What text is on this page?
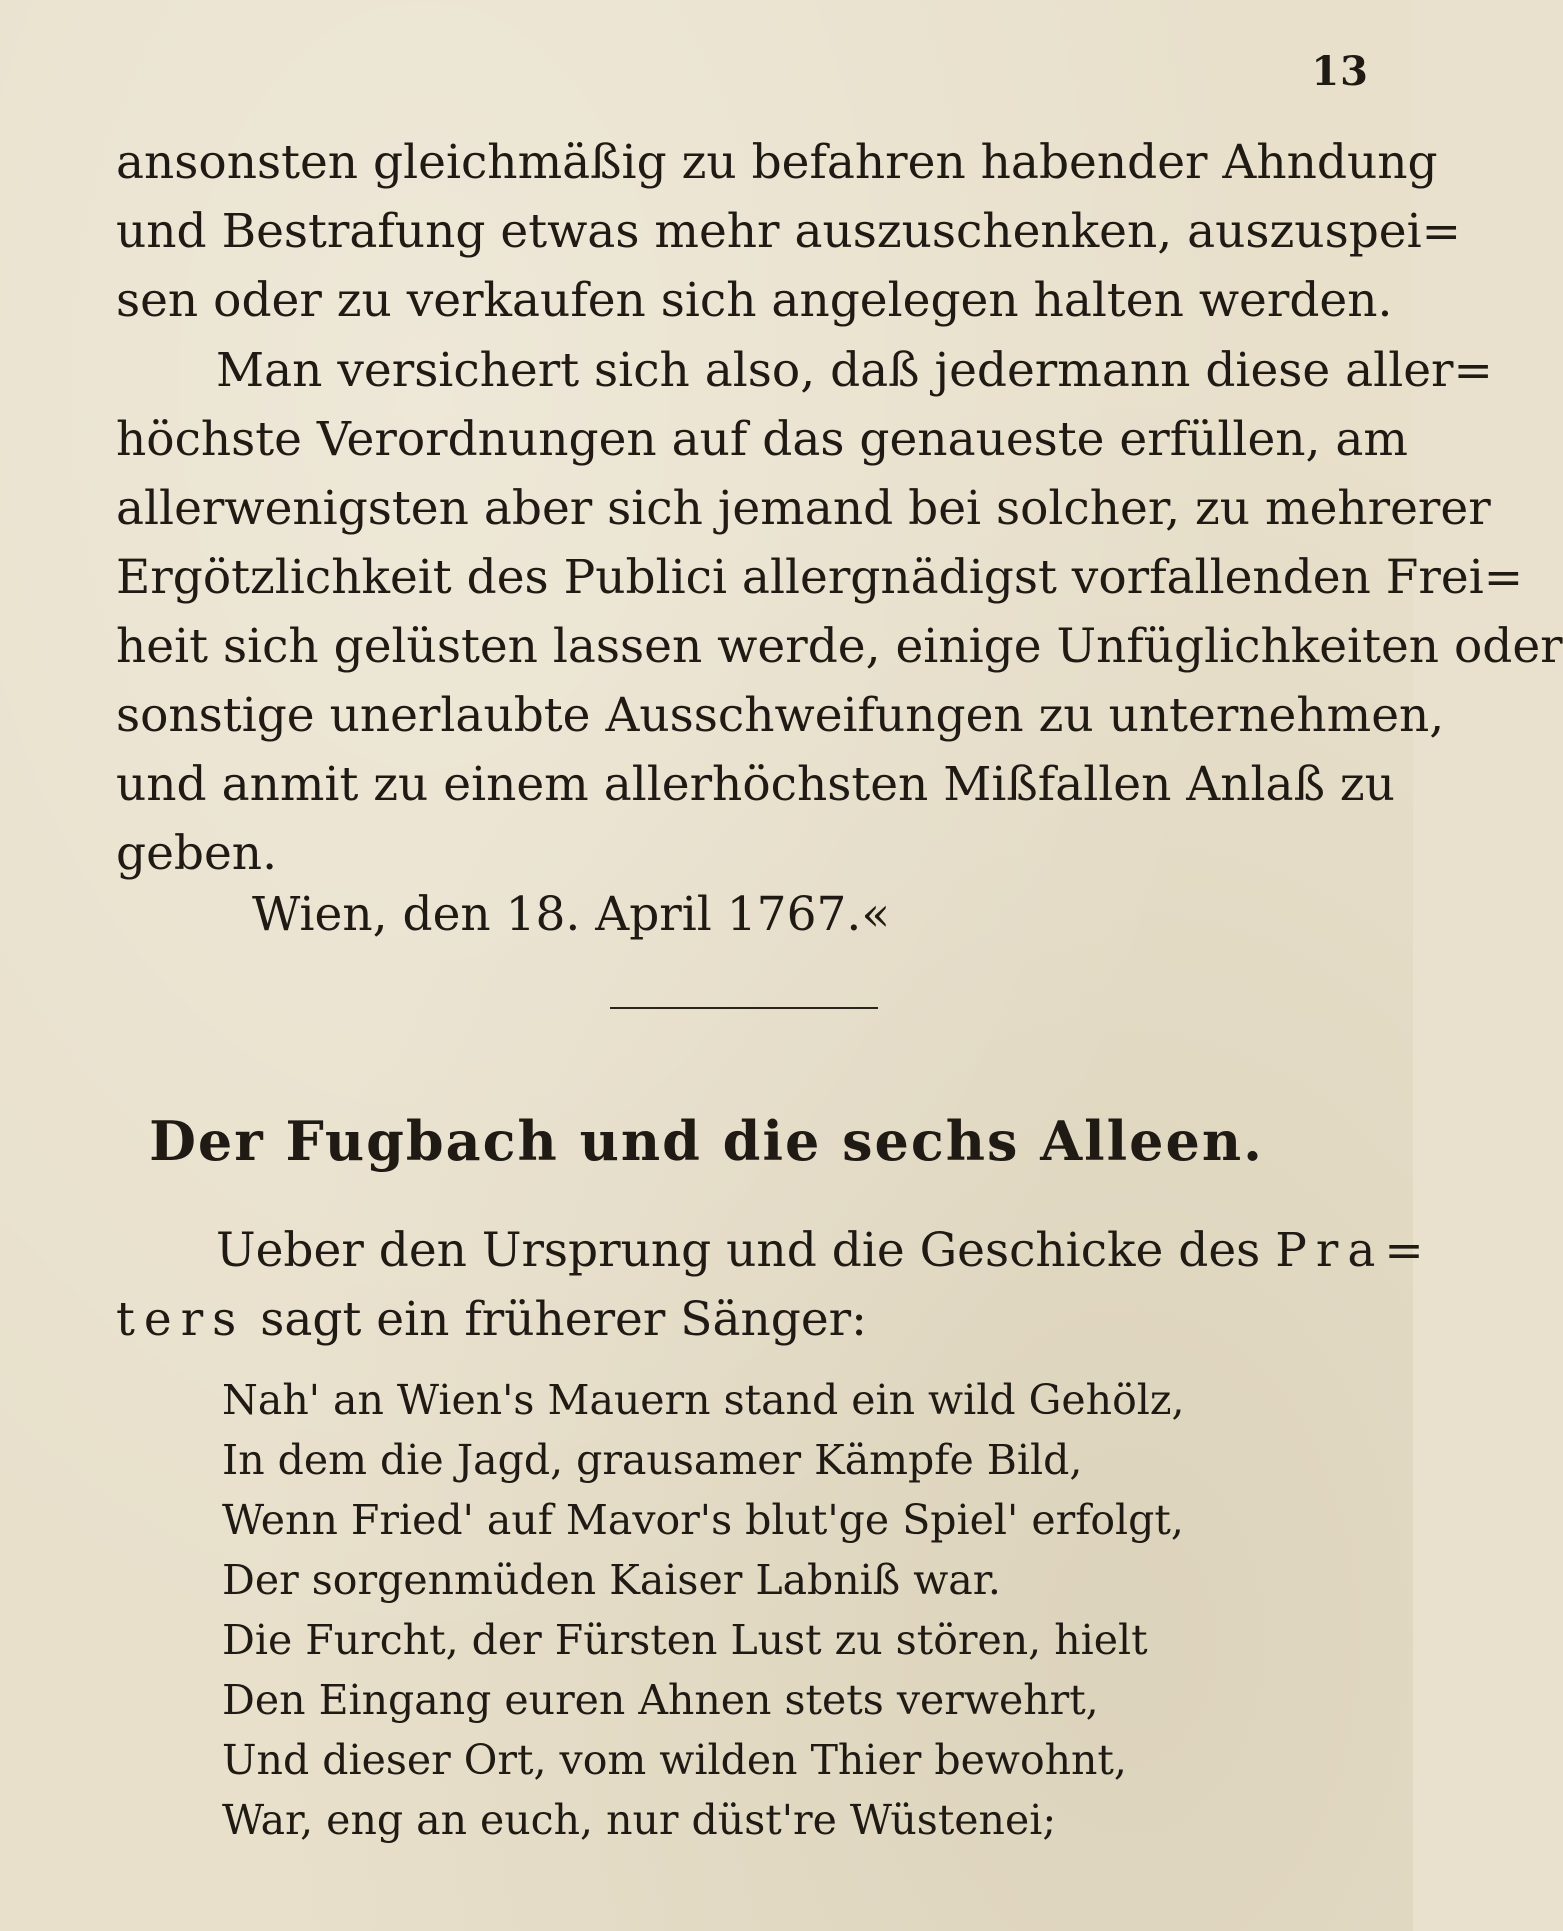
13
ansonsten gleichmäßig zu befahren habender Ahndung
und Bestrafung etwas mehr auszuschenken, auszuspei=
sen oder zu verkaufen sich angelegen halten werden.
Man versichert sich also, daß jedermann diese aller=
höchste Verordnungen auf das genaueste erfüllen, am
allerwenigsten aber sich jemand bei solcher, zu mehrerer
Ergötzlichkeit des Publici allergnädigst vorfallenden Frei=
heit sich gelüsten lassen werde, einige Unfüglichkeiten oder
sonstige unerlaubte Ausschweifungen zu unternehmen,
und anmit zu einem allerhöchsten Mißfallen Anlaß zu
geben.
Wien, den 18. April 1767.«
Der Fugbach und die sechs Alleen.
Ueber den Ursprung und die Geschicke des Pra=
ters sagt ein früherer Sänger:
Nah' an Wien's Mauern stand ein wild Gehölz,
In dem die Jagd, grausamer Kämpfe Bild,
Wenn Fried' auf Mavor's blut'ge Spiel' erfolgt,
Der sorgenmüden Kaiser Labniß war.
Die Furcht, der Fürsten Lust zu stören, hielt
Den Eingang euren Ahnen stets verwehrt,
Und dieser Ort, vom wilden Thier bewohnt,
War, eng an euch, nur düst're Wüstenei;
